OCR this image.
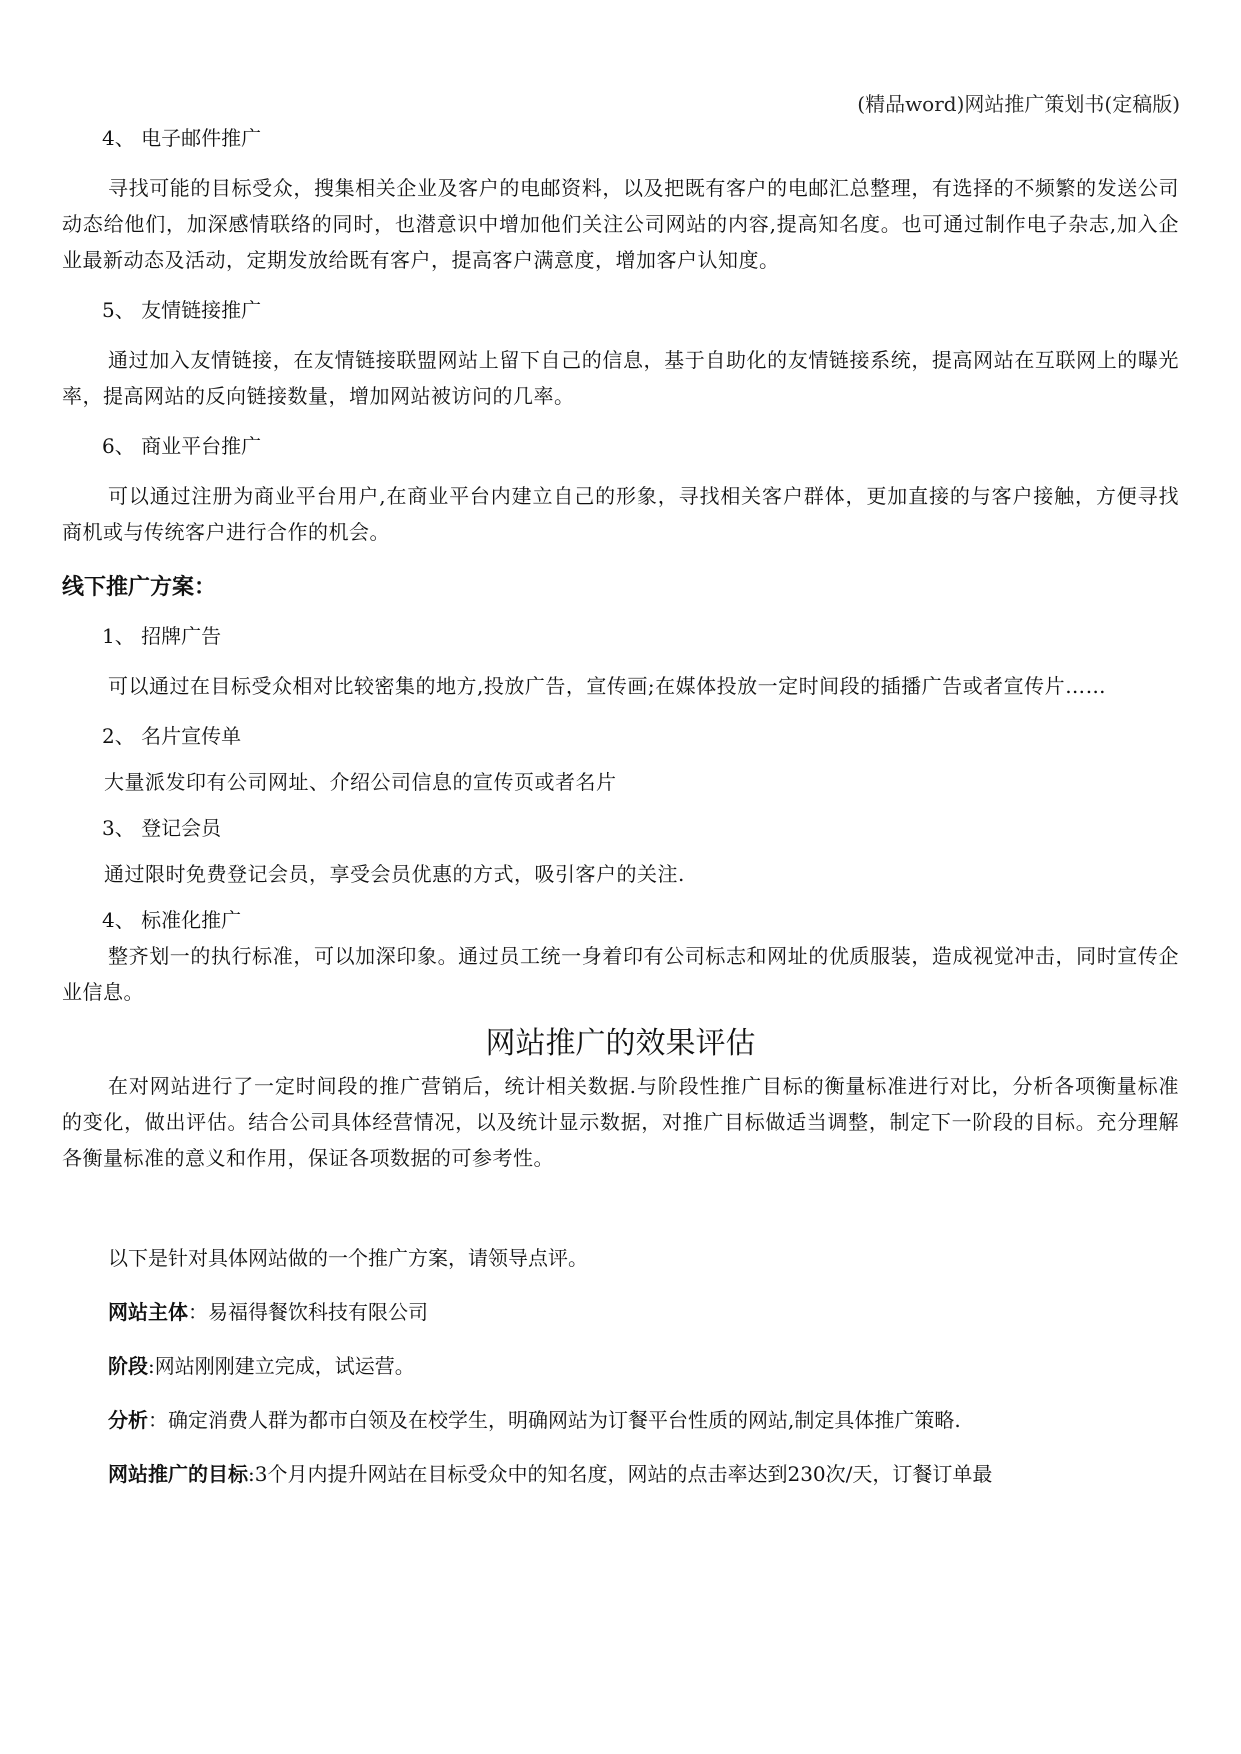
(精品word)网站推广策划书(定稿版)

4、 电子邮件推广

寻找可能的目标受众，搜集相关企业及客户的电邮资料，以及把既有客户的电邮汇总整理，有选择的不频繁的发送公司动态给他们，加深感情联络的同时，也潜意识中增加他们关注公司网站的内容,提高知名度。也可通过制作电子杂志,加入企业最新动态及活动，定期发放给既有客户，提高客户满意度，增加客户认知度。

5、 友情链接推广

通过加入友情链接，在友情链接联盟网站上留下自己的信息，基于自助化的友情链接系统，提高网站在互联网上的曝光率，提高网站的反向链接数量，增加网站被访问的几率。

6、 商业平台推广

可以通过注册为商业平台用户,在商业平台内建立自己的形象，寻找相关客户群体，更加直接的与客户接触，方便寻找商机或与传统客户进行合作的机会。

线下推广方案：

1、 招牌广告

可以通过在目标受众相对比较密集的地方,投放广告，宣传画;在媒体投放一定时间段的插播广告或者宣传片……

2、 名片宣传单

大量派发印有公司网址、介绍公司信息的宣传页或者名片

3、 登记会员

通过限时免费登记会员，享受会员优惠的方式，吸引客户的关注.

4、 标准化推广

整齐划一的执行标准，可以加深印象。通过员工统一身着印有公司标志和网址的优质服装，造成视觉冲击，同时宣传企业信息。

网站推广的效果评估

在对网站进行了一定时间段的推广营销后，统计相关数据.与阶段性推广目标的衡量标准进行对比，分析各项衡量标准的变化，做出评估。结合公司具体经营情况，以及统计显示数据，对推广目标做适当调整，制定下一阶段的目标。充分理解各衡量标准的意义和作用，保证各项数据的可参考性。

以下是针对具体网站做的一个推广方案，请领导点评。

网站主体：易福得餐饮科技有限公司

阶段:网站刚刚建立完成，试运营。

分析：确定消费人群为都市白领及在校学生，明确网站为订餐平台性质的网站,制定具体推广策略.

网站推广的目标:3个月内提升网站在目标受众中的知名度，网站的点击率达到230次/天，订餐订单最
